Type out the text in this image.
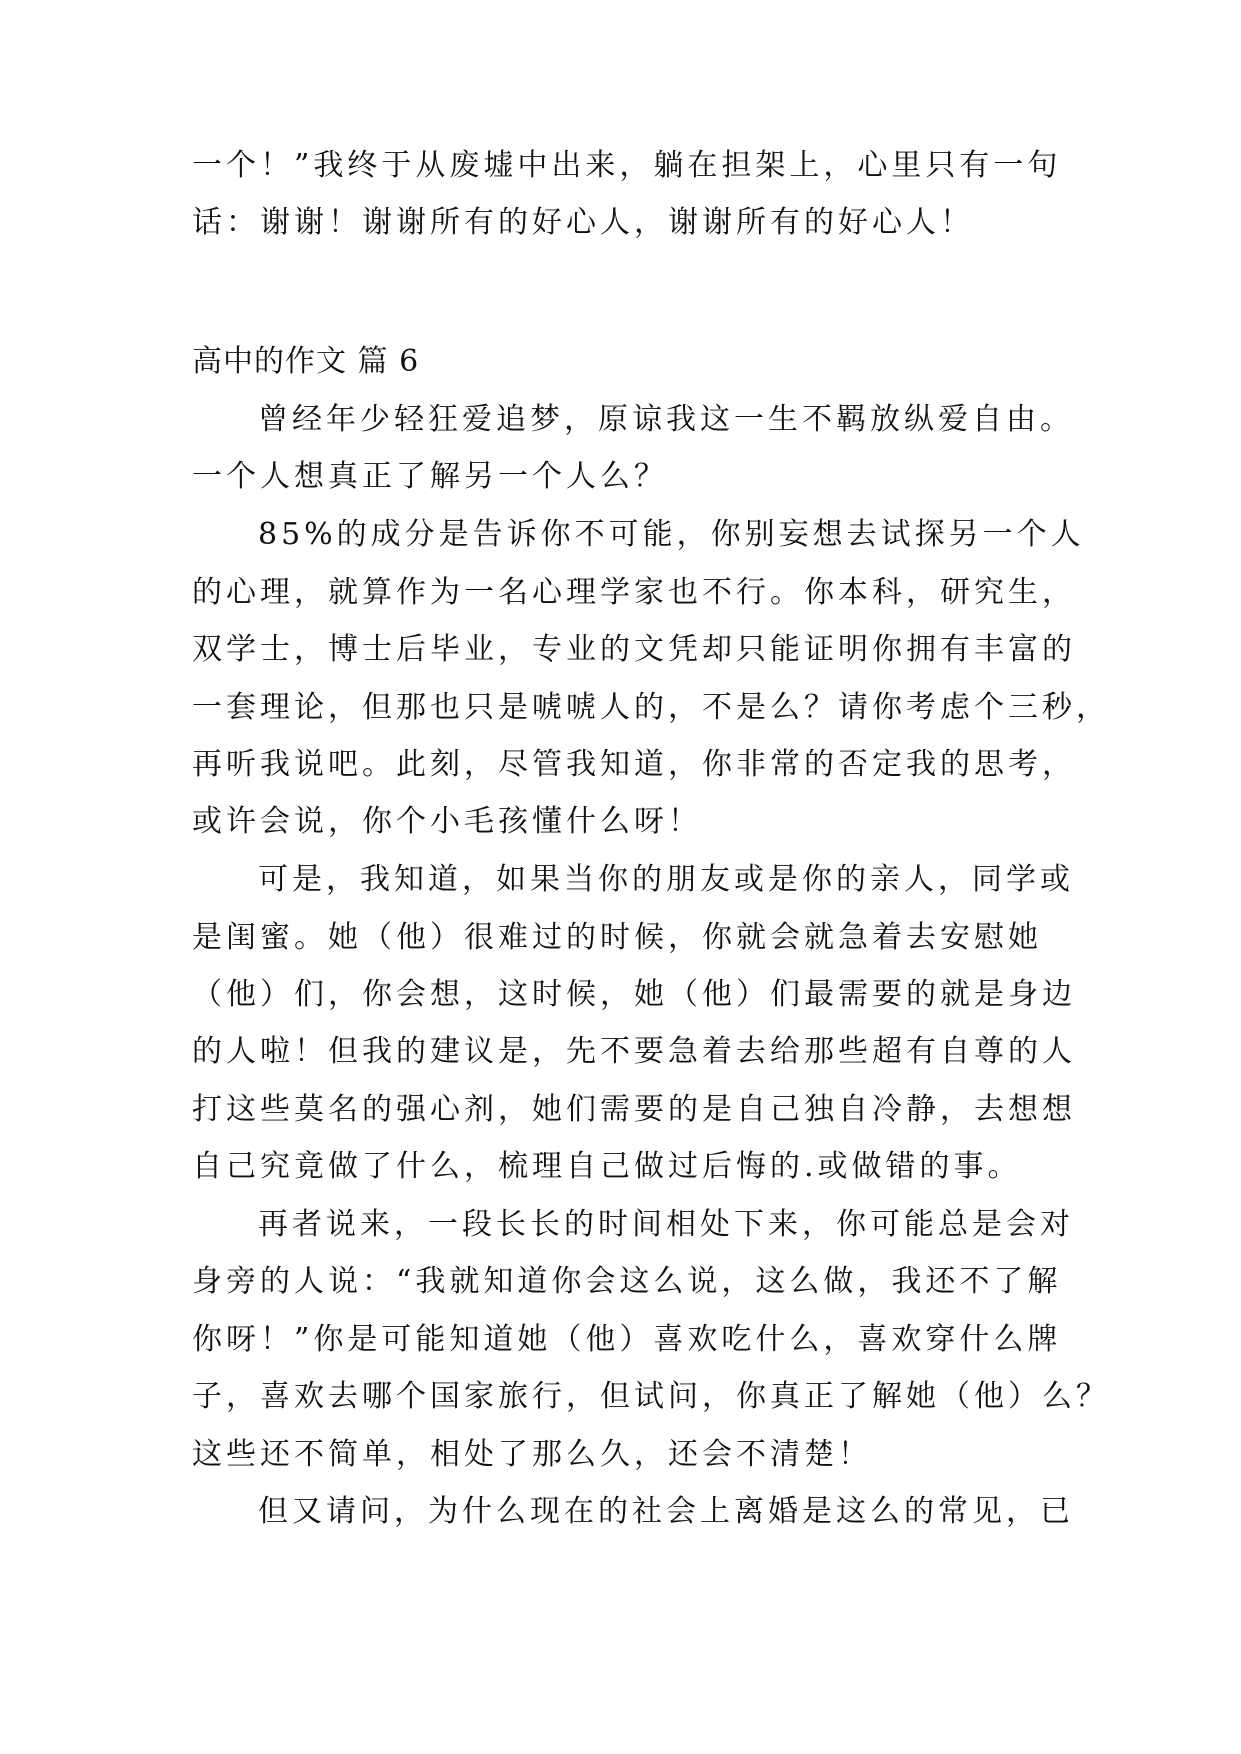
一个！”我终于从废墟中出来，躺在担架上，心里只有一句
话：谢谢！谢谢所有的好心人，谢谢所有的好心人！
高中的作文 篇 6
曾经年少轻狂爱追梦，原谅我这一生不羁放纵爱自由。
一个人想真正了解另一个人么？
85%的成分是告诉你不可能，你别妄想去试探另一个人
的心理，就算作为一名心理学家也不行。你本科，研究生，
双学士，博士后毕业，专业的文凭却只能证明你拥有丰富的
一套理论，但那也只是唬唬人的，不是么？请你考虑个三秒，
再听我说吧。此刻，尽管我知道，你非常的否定我的思考，
或许会说，你个小毛孩懂什么呀！
可是，我知道，如果当你的朋友或是你的亲人，同学或
是闺蜜。她（他）很难过的时候，你就会就急着去安慰她
（他）们，你会想，这时候，她（他）们最需要的就是身边
的人啦！但我的建议是，先不要急着去给那些超有自尊的人
打这些莫名的强心剂，她们需要的是自己独自冷静，去想想
自己究竟做了什么，梳理自己做过后悔的.或做错的事。
再者说来，一段长长的时间相处下来，你可能总是会对
身旁的人说：“我就知道你会这么说，这么做，我还不了解
你呀！”你是可能知道她（他）喜欢吃什么，喜欢穿什么牌
子，喜欢去哪个国家旅行，但试问，你真正了解她（他）么？
这些还不简单，相处了那么久，还会不清楚！
但又请问，为什么现在的社会上离婚是这么的常见，已
